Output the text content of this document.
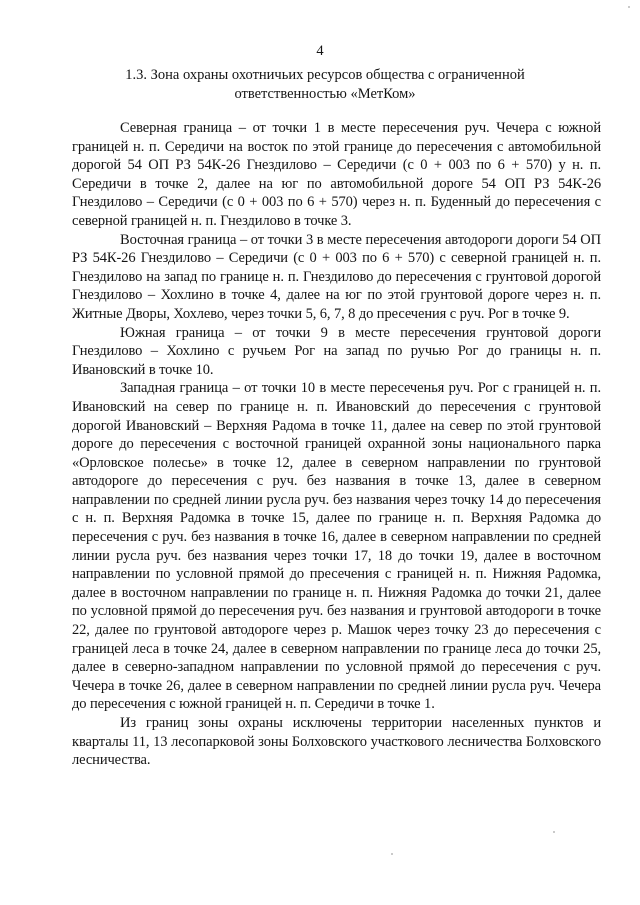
4
1.3. Зона охраны охотничьих ресурсов общества с ограниченной
ответственностью «МетКом»

Северная граница – от точки 1 в месте пересечения руч. Чечера с южной границей н. п. Середичи на восток по этой границе до пересечения с автомобильной дорогой 54 ОП РЗ 54К-26 Гнездилово – Середичи (с 0 + 003 по 6 + 570) у н. п. Середичи в точке 2, далее на юг по автомобильной дороге 54 ОП РЗ 54К-26 Гнездилово – Середичи (с 0 + 003 по 6 + 570) через н. п. Буденный до пересечения с северной границей н. п. Гнездилово в точке 3.

Восточная граница – от точки 3 в месте пересечения автодороги дороги 54 ОП РЗ 54К-26 Гнездилово – Середичи (с 0 + 003 по 6 + 570) с северной границей н. п. Гнездилово на запад по границе н. п. Гнездилово до пересечения с грунтовой дорогой Гнездилово – Хохлино в точке 4, далее на юг по этой грунтовой дороге через н. п. Житные Дворы, Хохлево, через точки 5, 6, 7, 8 до пресечения с руч. Рог в точке 9.

Южная граница – от точки 9 в месте пересечения грунтовой дороги Гнездилово – Хохлино с ручьем Рог на запад по ручью Рог до границы н. п. Ивановский в точке 10.

Западная граница – от точки 10 в месте пересеченья руч. Рог с границей н. п. Ивановский на север по границе н. п. Ивановский до пересечения с грунтовой дорогой Ивановский – Верхняя Радома в точке 11, далее на север по этой грунтовой дороге до пересечения с восточной границей охранной зоны национального парка «Орловское полесье» в точке 12, далее в северном направлении по грунтовой автодороге до пересечения с руч. без названия в точке 13, далее в северном направлении по средней линии русла руч. без названия через точку 14 до пересечения с н. п. Верхняя Радомка в точке 15, далее по границе н. п. Верхняя Радомка до пересечения с руч. без названия в точке 16, далее в северном направлении по средней линии русла руч. без названия через точки 17, 18 до точки 19, далее в восточном направлении по условной прямой до пресечения с границей н. п. Нижняя Радомка, далее в восточном направлении по границе н. п. Нижняя Радомка до точки 21, далее по условной прямой до пересечения руч. без названия и грунтовой автодороги в точке 22, далее по грунтовой автодороге через р. Машок через точку 23 до пересечения с границей леса в точке 24, далее в северном направлении по границе леса до точки 25, далее в северно-западном направлении по условной прямой до пересечения с руч. Чечера в точке 26, далее в северном направлении по средней линии русла руч. Чечера до пересечения с южной границей н. п. Середичи в точке 1.

Из границ зоны охраны исключены территории населенных пунктов и кварталы 11, 13 лесопарковой зоны Болховского участкового лесничества Болховского лесничества.
